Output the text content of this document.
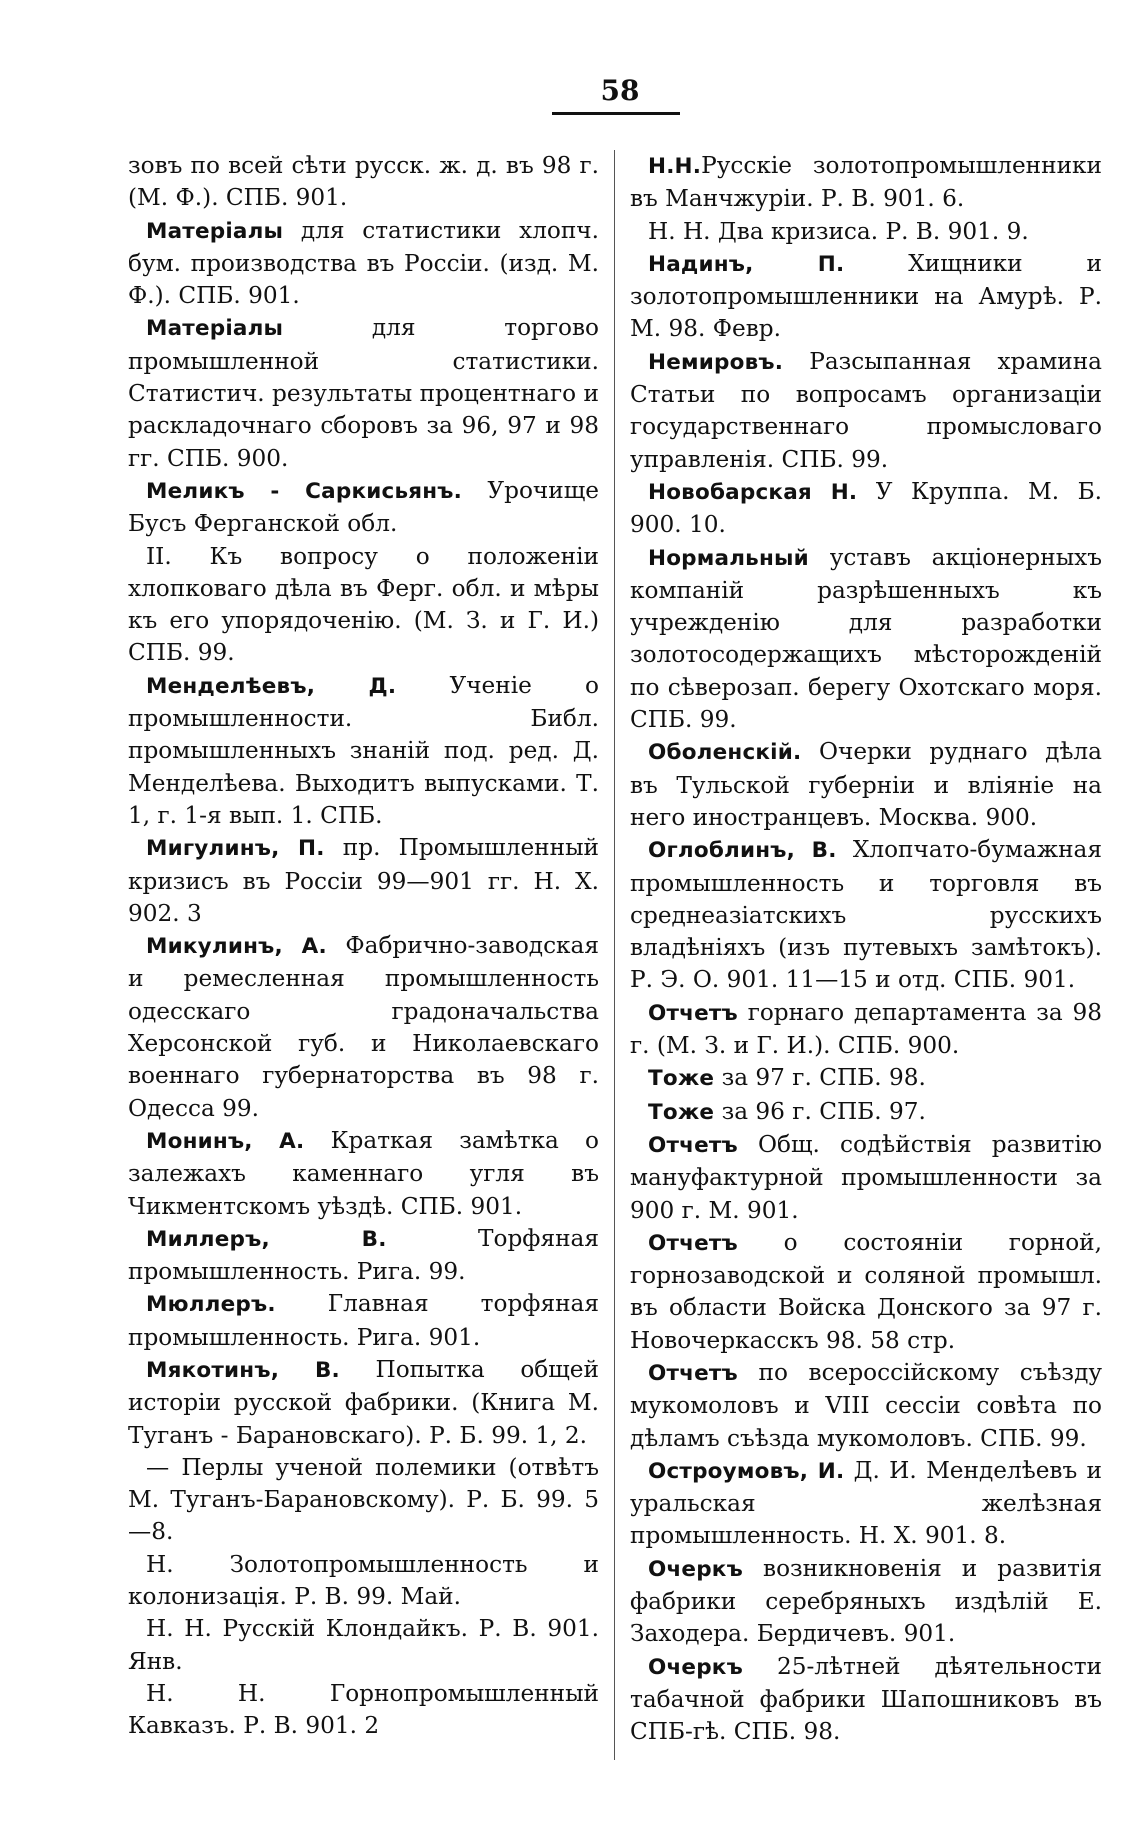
58

зовъ по всей сѣти русск. ж. д. въ 98 г. (М. Ф.). СПБ. 901.

Матеріалы для статистики хлопч. бум. производства въ Россіи. (изд. М. Ф.). СПБ. 901.

Матеріалы для торгово промышленной статистики. Статистич. результаты процентнаго и раскладочнаго сборовъ за 96, 97 и 98 гг. СПБ. 900.

Меликъ - Саркисьянъ. Урочище Бусъ Ферганской обл.

II. Къ вопросу о положеніи хлопковаго дѣла въ Ферг. обл. и мѣры къ его упорядоченію. (М. З. и Г. И.) СПБ. 99.

Менделѣевъ, Д. Ученіе о промышленности. Библ. промышленныхъ знаній под. ред. Д. Менделѣева. Выходитъ выпусками. Т. 1, г. 1-я вып. 1. СПБ.

Мигулинъ, П. пр. Промышленный кризисъ въ Россіи 99—901 гг. Н. Х. 902. 3

Микулинъ, А. Фабрично-заводская и ремесленная промышленность одесскаго градоначальства Херсонской губ. и Николаевскаго военнаго губернаторства въ 98 г. Одесса 99.

Монинъ, А. Краткая замѣтка о залежахъ каменнаго угля въ Чикментскомъ уѣздѣ. СПБ. 901.

Миллеръ, В. Торфяная промышленность. Рига. 99.

Мюллеръ. Главная торфяная промышленность. Рига. 901.

Мякотинъ, В. Попытка общей исторіи русской фабрики. (Книга М. Туганъ - Барановскаго). Р. Б. 99. 1, 2.

— Перлы ученой полемики (отвѣтъ М. Туганъ-Барановскому). Р. Б. 99. 5—8.

Н. Золотопромышленность и колонизація. Р. В. 99. Май.

Н. Н. Русскій Клондайкъ. Р. В. 901. Янв.

Н. Н. Горнопромышленный Кавказъ. Р. В. 901. 2

Н.Н.Русскіе золотопромышленники въ Манчжуріи. Р. В. 901. 6.

Н. Н. Два кризиса. Р. В. 901. 9.

Надинъ, П. Хищники и золотопромышленники на Амурѣ. Р. М. 98. Февр.

Немировъ. Разсыпанная храмина Статьи по вопросамъ организаціи государственнаго промысловаго управленія. СПБ. 99.

Новобарская Н. У Круппа. М. Б. 900. 10.

Нормальный уставъ акціонерныхъ компаній разрѣшенныхъ къ учрежденію для разработки золотосодержащихъ мѣсторожденій по сѣверозап. берегу Охотскаго моря. СПБ. 99.

Оболенскій. Очерки руднаго дѣла въ Тульской губерніи и вліяніе на него иностранцевъ. Москва. 900.

Оглоблинъ, В. Хлопчато-бумажная промышленность и торговля въ среднеазіатскихъ русскихъ владѣніяхъ (изъ путевыхъ замѣтокъ). Р. Э. О. 901. 11—15 и отд. СПБ. 901.

Отчетъ горнаго департамента за 98 г. (М. З. и Г. И.). СПБ. 900.

Тоже за 97 г. СПБ. 98.

Тоже за 96 г. СПБ. 97.

Отчетъ Общ. содѣйствія развитію мануфактурной промышленности за 900 г. М. 901.

Отчетъ о состояніи горной, горнозаводской и соляной промышл. въ области Войска Донского за 97 г. Новочеркасскъ 98. 58 стр.

Отчетъ по всероссійскому съѣзду мукомоловъ и VIII сессіи совѣта по дѣламъ съѣзда мукомоловъ. СПБ. 99.

Остроумовъ, И. Д. И. Менделѣевъ и уральская желѣзная промышленность. Н. Х. 901. 8.

Очеркъ возникновенія и развитія фабрики серебряныхъ издѣлій Е. Заходера. Бердичевъ. 901.

Очеркъ 25-лѣтней дѣятельности табачной фабрики Шапошниковъ въ СПБ-гѣ. СПБ. 98.
